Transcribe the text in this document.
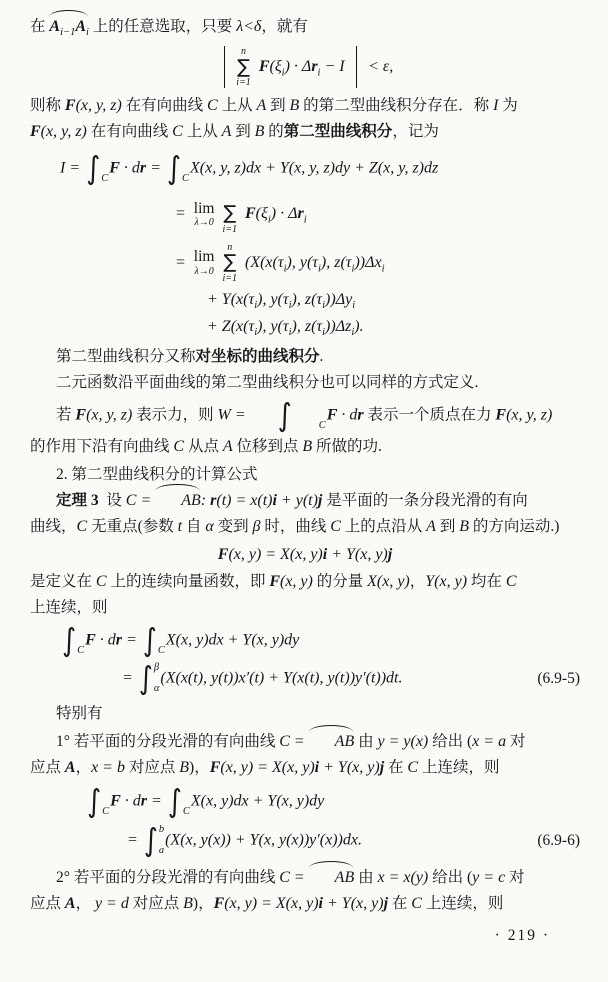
在 $A_{i-1}A_i$ 上的任意选取，只要 λ<δ，就有
n
∑
i=1
$F(\xi_i) \cdot \Delta r_i - I < \varepsilon$,
则称 F(x, y, z) 在有向曲线 C 上从 A 到 B 的第二型曲线积分存在．称 I 为
F(x, y, z) 在有向曲线 C 上从 A 到 B 的第二型曲线积分，记为
I = ∫
C
F · dr = ∫
C
X(x, y, z)dx + Y(x, y, z)dy + Z(x, y, z)dz
= lim
λ→0
∑
i=1
$F(\xi_i) \cdot \Delta r_i$
= lim
λ→0
n
∑
i=1
($X(x(\tau_i)$, $y(\tau_i)$, $z(\tau_i))\Delta x_i$
+ $Y(x(\tau_i)$, $y(\tau_i)$, $z(\tau_i))\Delta y_i$
+ $Z(x(\tau_i)$, $y(\tau_i)$, $z(\tau_i))\Delta z_i$).
第二型曲线积分又称对坐标的曲线积分.
二元函数沿平面曲线的第二型曲线积分也可以同样的方式定义.
若 F(x, y, z) 表示力，则 W =	∫
	C
F · dr 表示一个质点在力 F(x, y, z)
的作用下沿有向曲线 C 从点 A 位移到点 B 所做的功.
2. 第二型曲线积分的计算公式
定理 3  设 C = AB: r(t) = x(t)i + y(t)j 是平面的一条分段光滑的有向
曲线，C 无重点(参数 t 自 α 变到 β 时，曲线 C 上的点沿从 A 到 B 的方向运动.)
F(x, y) = X(x, y)i + Y(x, y)j
是定义在 C 上的连续向量函数，即 F(x, y) 的分量 X(x, y)，Y(x, y) 均在 C
上连续，则
∫
C
F · dr = ∫
C
X(x, y)dx + Y(x, y)dy
= ∫ β
α
(X(x(t), y(t))x′(t) + Y(x(t), y(t))y′(t))dt.	(6.9-5)
特别有
1° 若平面的分段光滑的有向曲线 C = AB 由 y = y(x) 给出 (x = a 对
应点 A，x = b 对应点 B)，F(x, y) = X(x, y)i + Y(x, y)j 在 C 上连续，则
∫
C
F · dr = ∫
C
X(x, y)dx + Y(x, y)dy
= ∫ b
a
(X(x, y(x)) + Y(x, y(x))y′(x))dx.	(6.9-6)
2° 若平面的分段光滑的有向曲线 C = AB 由 x = x(y) 给出 (y = c 对
应点 A， y = d 对应点 B)，F(x, y) = X(x, y)i + Y(x, y)j 在 C 上连续，则
· 219 ·
